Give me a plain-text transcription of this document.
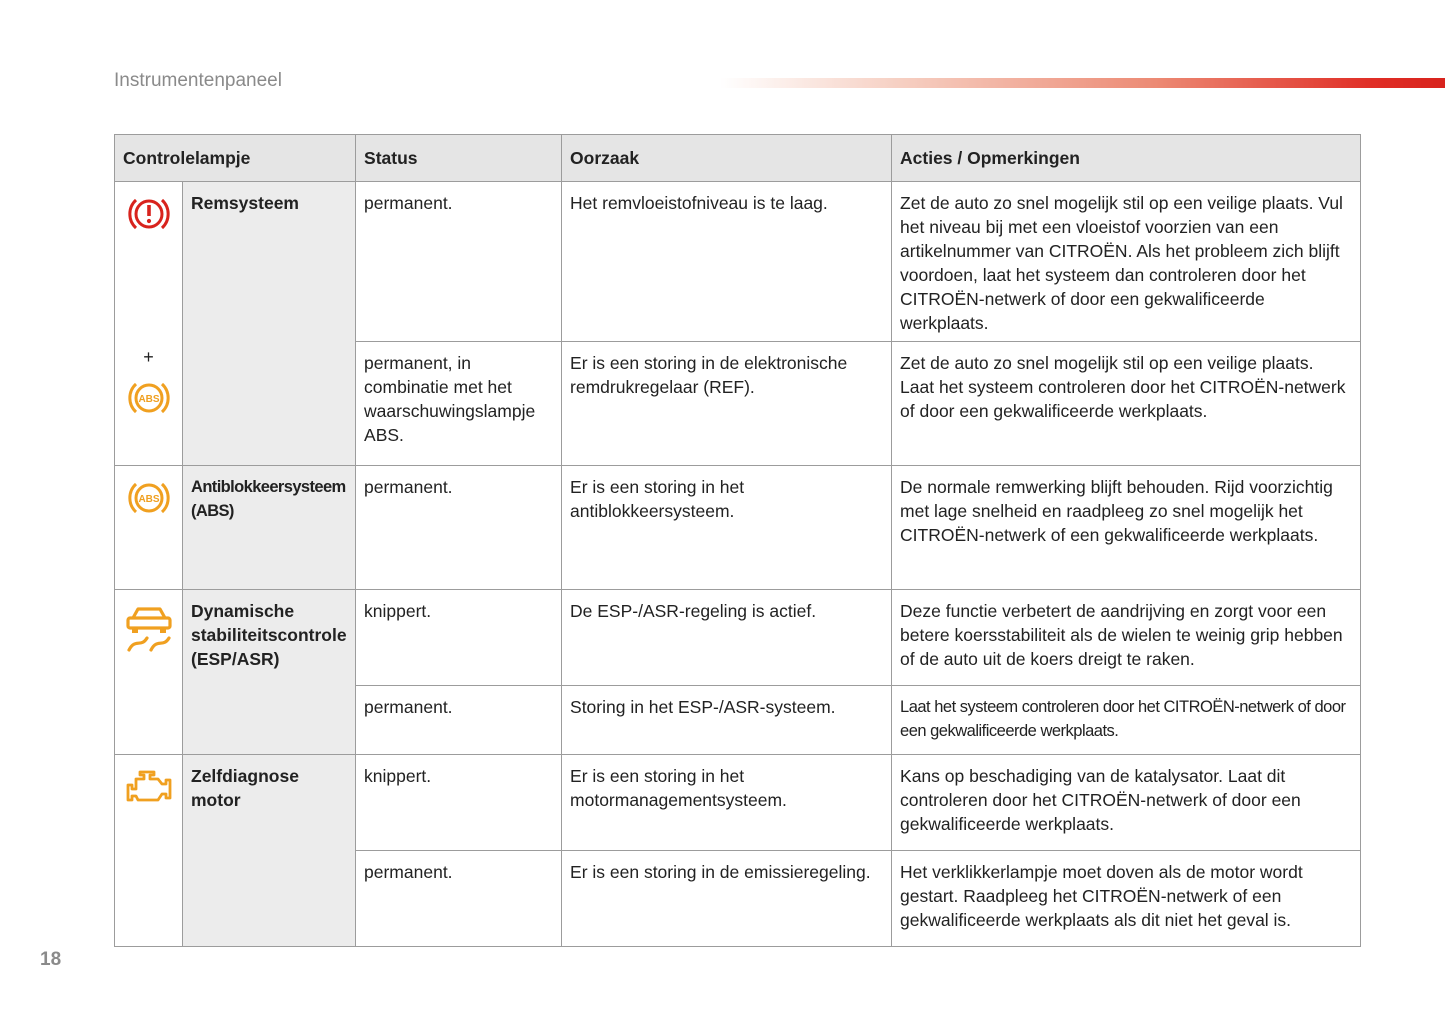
Instrumentenpaneel
Controlelampje		Status	Oorzaak	Acties / Opmerkingen

+
ABS	Remsysteem	permanent.	Het remvloeistofniveau is te laag.	Zet de auto zo snel mogelijk stil op een veilige plaats. Vul het niveau bij met een vloeistof voorzien van een artikelnummer van CITROËN. Als het probleem zich blijft voordoen, laat het systeem dan controleren door het CITROËN-netwerk of door een gekwalificeerde werkplaats.
		permanent, in combinatie met het waarschuwingslampje ABS.	Er is een storing in de elektronische remdrukregelaar (REF).	Zet de auto zo snel mogelijk stil op een veilige plaats. Laat het systeem controleren door het CITROËN-netwerk of door een gekwalificeerde werkplaats.

ABS	Antiblokkeersysteem (ABS)	permanent.	Er is een storing in het antiblokkeersysteem.	De normale remwerking blijft behouden. Rijd voorzichtig met lage snelheid en raadpleeg zo snel mogelijk het CITROËN-netwerk of een gekwalificeerde werkplaats.

	Dynamische stabiliteitscontrole (ESP/ASR)	knippert.	De ESP-/ASR-regeling is actief.	Deze functie verbetert de aandrijving en zorgt voor een betere koersstabiliteit als de wielen te weinig grip hebben of de auto uit de koers dreigt te raken.
		permanent.	Storing in het ESP-/ASR-systeem.	Laat het systeem controleren door het CITROËN-netwerk of door een gekwalificeerde werkplaats.

	Zelfdiagnose motor	knippert.	Er is een storing in het motormanagementsysteem.	Kans op beschadiging van de katalysator. Laat dit controleren door het CITROËN-netwerk of door een gekwalificeerde werkplaats.
		permanent.	Er is een storing in de emissieregeling.	Het verklikkerlampje moet doven als de motor wordt gestart. Raadpleeg het CITROËN-netwerk of een gekwalificeerde werkplaats als dit niet het geval is.
18
